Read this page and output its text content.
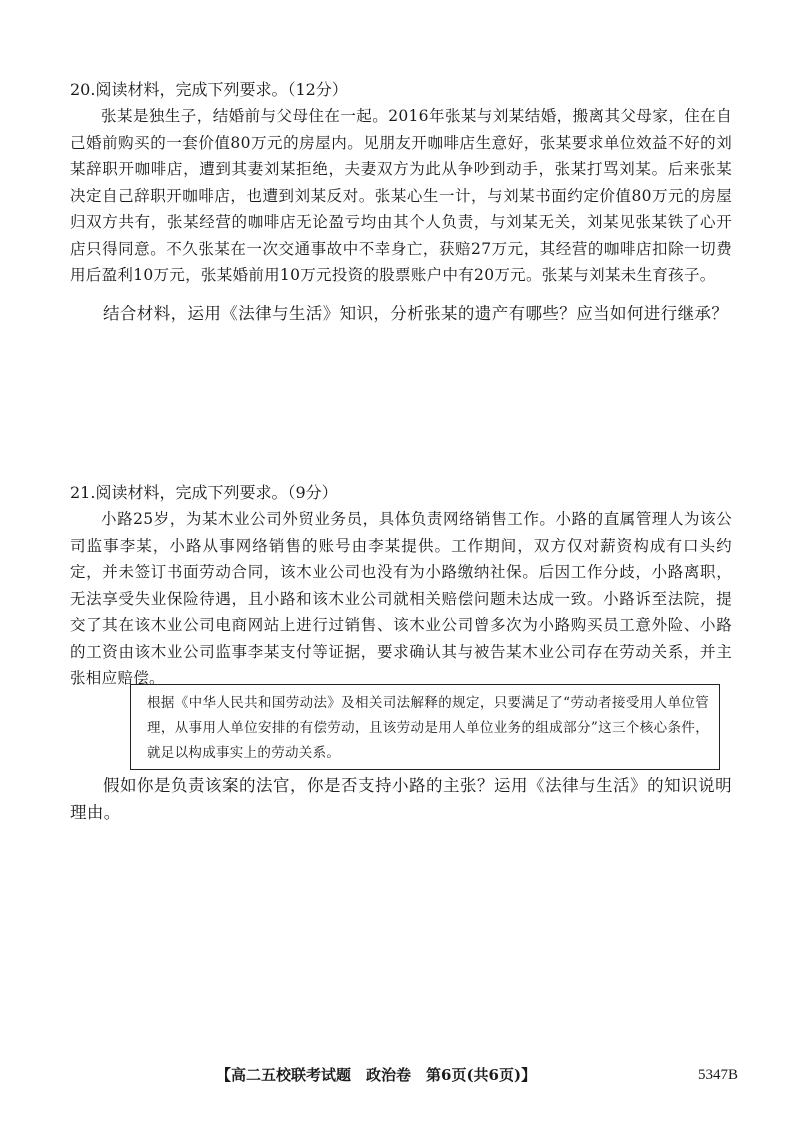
20.阅读材料，完成下列要求。（12分）

张某是独生子，结婚前与父母住在一起。2016年张某与刘某结婚，搬离其父母家，住在自己婚前购买的一套价值80万元的房屋内。见朋友开咖啡店生意好，张某要求单位效益不好的刘某辞职开咖啡店，遭到其妻刘某拒绝，夫妻双方为此从争吵到动手，张某打骂刘某。后来张某决定自己辞职开咖啡店，也遭到刘某反对。张某心生一计，与刘某书面约定价值80万元的房屋归双方共有，张某经营的咖啡店无论盈亏均由其个人负责，与刘某无关，刘某见张某铁了心开店只得同意。不久张某在一次交通事故中不幸身亡，获赔27万元，其经营的咖啡店扣除一切费用后盈利10万元，张某婚前用10万元投资的股票账户中有20万元。张某与刘某未生育孩子。

结合材料，运用《法律与生活》知识，分析张某的遗产有哪些？应当如何进行继承？

21.阅读材料，完成下列要求。（9分）

小路25岁，为某木业公司外贸业务员，具体负责网络销售工作。小路的直属管理人为该公司监事李某，小路从事网络销售的账号由李某提供。工作期间，双方仅对薪资构成有口头约定，并未签订书面劳动合同，该木业公司也没有为小路缴纳社保。后因工作分歧，小路离职，无法享受失业保险待遇，且小路和该木业公司就相关赔偿问题未达成一致。小路诉至法院，提交了其在该木业公司电商网站上进行过销售、该木业公司曾多次为小路购买员工意外险、小路的工资由该木业公司监事李某支付等证据，要求确认其与被告某木业公司存在劳动关系，并主张相应赔偿。

根据《中华人民共和国劳动法》及相关司法解释的规定，只要满足了“劳动者接受用人单位管理，从事用人单位安排的有偿劳动，且该劳动是用人单位业务的组成部分”这三个核心条件，就足以构成事实上的劳动关系。

假如你是负责该案的法官，你是否支持小路的主张？运用《法律与生活》的知识说明理由。

【高二五校联考试题　政治卷　第6页(共6页)】	5347B
